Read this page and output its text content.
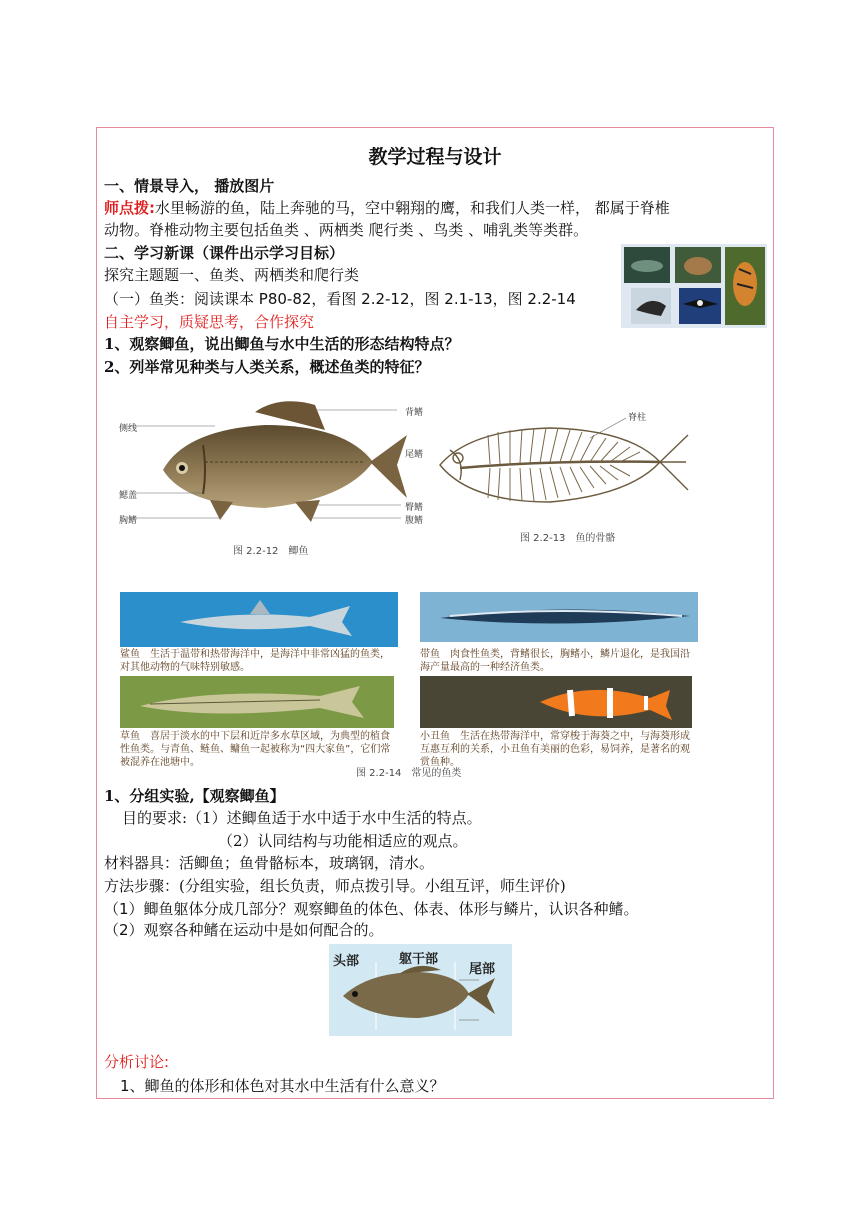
教学过程与设计
一、情景导入， 播放图片
师点拨:水里畅游的鱼，陆上奔驰的马，空中翱翔的鹰，和我们人类一样， 都属于脊椎
动物。脊椎动物主要包括鱼类 、两栖类 爬行类 、鸟类 、哺乳类等类群。
二、学习新课（课件出示学习目标）
探究主题题一、鱼类、两栖类和爬行类
（一）鱼类：阅读课本 P80-82，看图 2.2-12，图 2.1-13，图 2.2-14
自主学习，质疑思考，合作探究
1、观察鲫鱼，说出鲫鱼与水中生活的形态结构特点？
2、列举常见种类与人类关系，概述鱼类的特征？
侧线
鳃盖
胸鳍
背鳍
尾鳍
臀鳍
腹鳍
图 2.2-12　鲫鱼
脊柱
图 2.2-13　鱼的骨骼
鲨鱼　生活于温带和热带海洋中，是海洋中非常凶猛的鱼类，对其他动物的气味特别敏感。
带鱼　肉食性鱼类，背鳍很长，胸鳍小，鳞片退化，是我国沿海产量最高的一种经济鱼类。
草鱼　喜居于淡水的中下层和近岸多水草区域，为典型的植食性鱼类。与青鱼、鲢鱼、鳙鱼一起被称为“四大家鱼”，它们常被混养在池塘中。
小丑鱼　生活在热带海洋中，常穿梭于海葵之中，与海葵形成互惠互利的关系，小丑鱼有美丽的色彩，易饲养，是著名的观赏鱼种。
图 2.2-14　常见的鱼类
1、分组实验,【观察鲫鱼】
目的要求:（1）述鲫鱼适于水中适于水中生活的特点。
（2）认同结构与功能相适应的观点。
材料器具：活鲫鱼；鱼骨骼标本，玻璃钢，清水。
方法步骤：(分组实验，组长负责，师点拨引导。小组互评，师生评价)
（1）鲫鱼躯体分成几部分？观察鲫鱼的体色、体表、体形与鳞片，认识各种鳍。
（2）观察各种鳍在运动中是如何配合的。
头部	躯干部
尾部
分析讨论:
1、鲫鱼的体形和体色对其水中生活有什么意义？
